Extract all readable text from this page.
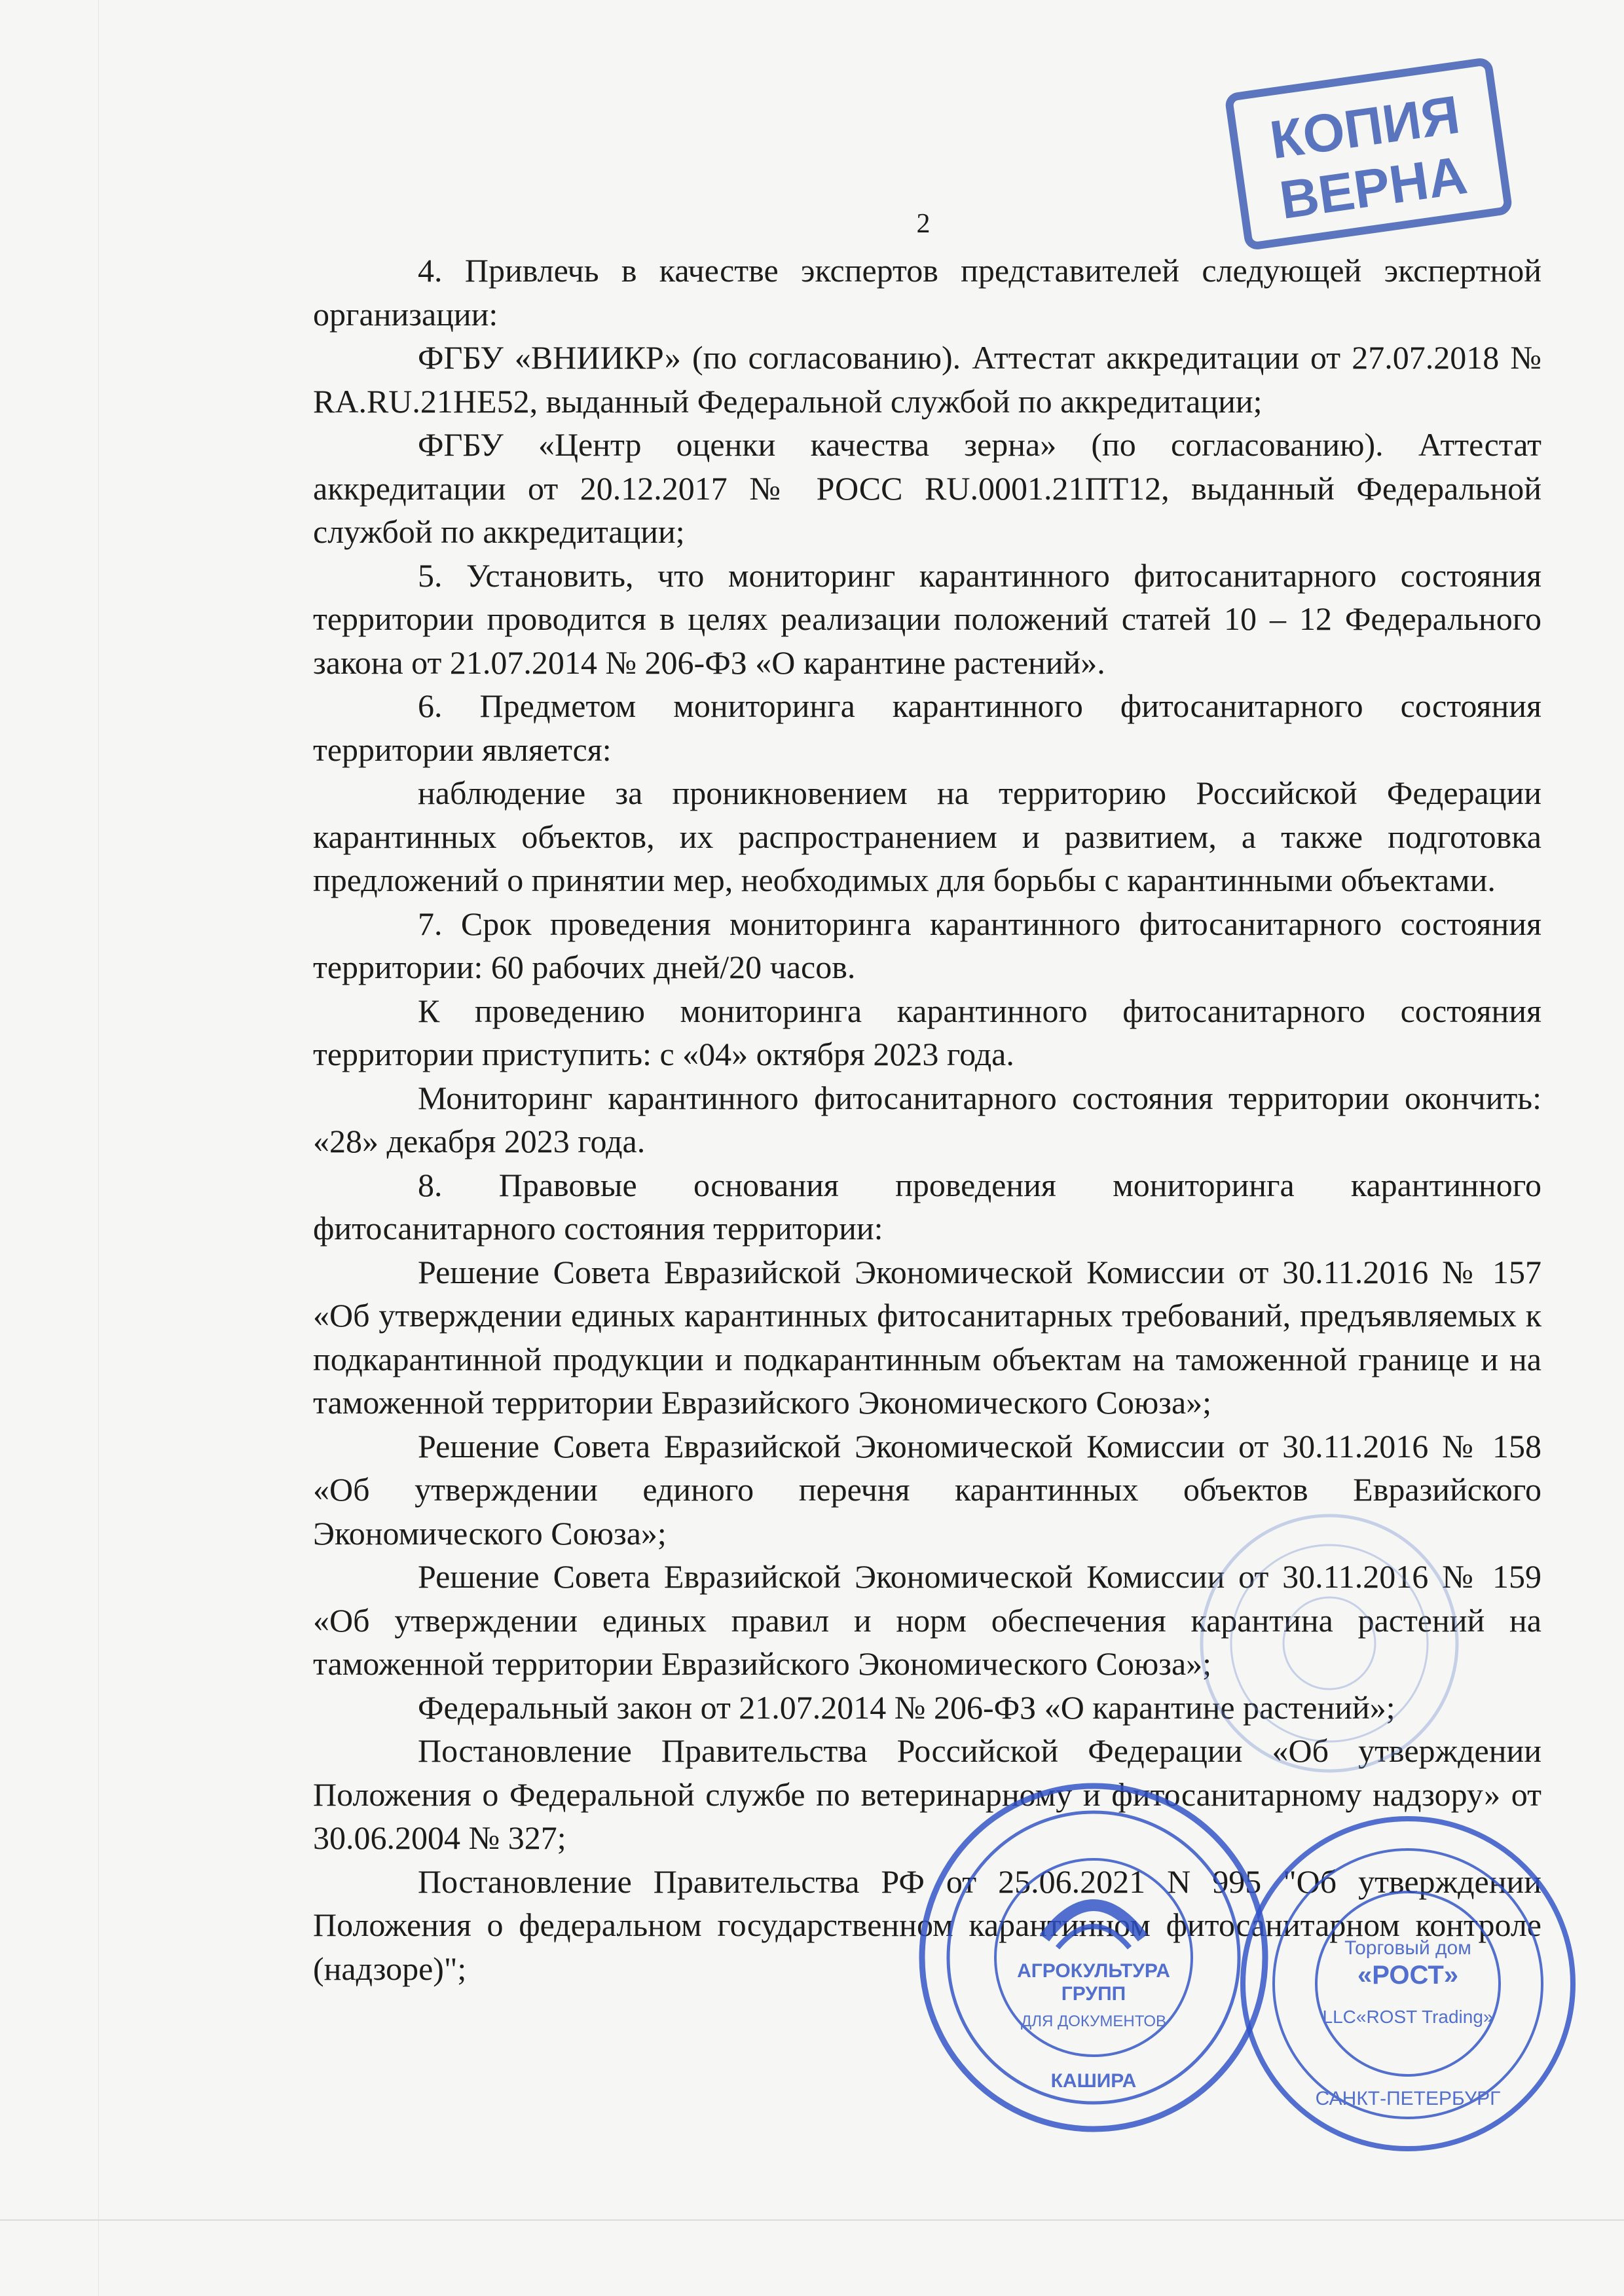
2

4. Привлечь в качестве экспертов представителей следующей экспертной организации:

ФГБУ «ВНИИКР» (по согласованию). Аттестат аккредитации от 27.07.2018 № RA.RU.21НЕ52, выданный Федеральной службой по аккредитации;

ФГБУ «Центр оценки качества зерна» (по согласованию). Аттестат аккредитации от 20.12.2017 № РОСС RU.0001.21ПТ12, выданный Федеральной службой по аккредитации;

5. Установить, что мониторинг карантинного фитосанитарного состояния территории проводится в целях реализации положений статей 10 – 12 Федерального закона от 21.07.2014 № 206-ФЗ «О карантине растений».

6. Предметом мониторинга карантинного фитосанитарного состояния территории является:

наблюдение за проникновением на территорию Российской Федерации карантинных объектов, их распространением и развитием, а также подготовка предложений о принятии мер, необходимых для борьбы с карантинными объектами.

7. Срок проведения мониторинга карантинного фитосанитарного состояния территории: 60 рабочих дней/20 часов.

К проведению мониторинга карантинного фитосанитарного состояния территории приступить: с «04» октября 2023 года.

Мониторинг карантинного фитосанитарного состояния территории окончить: «28» декабря 2023 года.

8. Правовые основания проведения мониторинга карантинного фитосанитарного состояния территории:

Решение Совета Евразийской Экономической Комиссии от 30.11.2016 № 157 «Об утверждении единых карантинных фитосанитарных требований, предъявляемых к подкарантинной продукции и подкарантинным объектам на таможенной границе и на таможенной территории Евразийского Экономического Союза»;

Решение Совета Евразийской Экономической Комиссии от 30.11.2016 № 158 «Об утверждении единого перечня карантинных объектов Евразийского Экономического Союза»;

Решение Совета Евразийской Экономической Комиссии от 30.11.2016 № 159 «Об утверждении единых правил и норм обеспечения карантина растений на таможенной территории Евразийского Экономического Союза»;

Федеральный закон от 21.07.2014 № 206-ФЗ «О карантине растений»;

Постановление Правительства Российской Федерации «Об утверждении Положения о Федеральной службе по ветеринарному и фитосанитарному надзору» от 30.06.2004 № 327;

Постановление Правительства РФ от 25.06.2021 N 995 "Об утверждении Положения о федеральном государственном карантинном фитосанитарном контроле (надзоре)";

КОПИЯ
ВЕРНА
АГРОКУЛЬТУРА
ГРУПП
ДЛЯ ДОКУМЕНТОВ
КАШИРА
Торговый дом
«РОСТ»
LLC«ROST Trading»
САНКТ-ПЕТЕРБУРГ
